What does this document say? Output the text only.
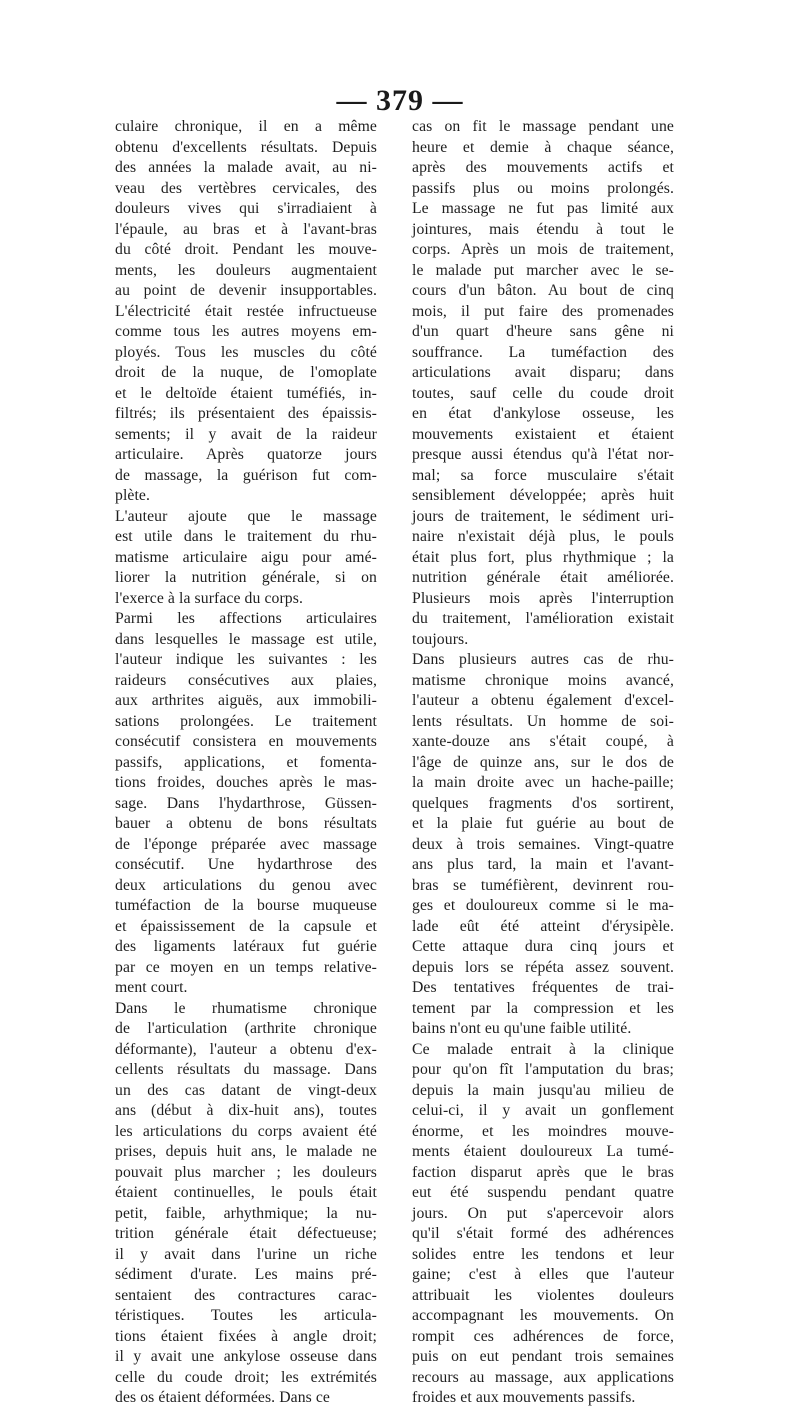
— 379 —
culaire chronique, il en a même
obtenu d'excellents résultats. Depuis
des années la malade avait, au ni-
veau des vertèbres cervicales, des
douleurs vives qui s'irradiaient à
l'épaule, au bras et à l'avant-bras
du côté droit. Pendant les mouve-
ments, les douleurs augmentaient
au point de devenir insupportables.
L'électricité était restée infructueuse
comme tous les autres moyens em-
ployés. Tous les muscles du côté
droit de la nuque, de l'omoplate
et le deltoïde étaient tuméfiés, in-
filtrés; ils présentaient des épaissis-
sements; il y avait de la raideur
articulaire. Après quatorze jours
de massage, la guérison fut com-
plète.
L'auteur ajoute que le massage
est utile dans le traitement du rhu-
matisme articulaire aigu pour amé-
liorer la nutrition générale, si on
l'exerce à la surface du corps.
Parmi les affections articulaires
dans lesquelles le massage est utile,
l'auteur indique les suivantes : les
raideurs consécutives aux plaies,
aux arthrites aiguës, aux immobili-
sations prolongées. Le traitement
consécutif consistera en mouvements
passifs, applications, et fomenta-
tions froides, douches après le mas-
sage. Dans l'hydarthrose, Güssen-
bauer a obtenu de bons résultats
de l'éponge préparée avec massage
consécutif. Une hydarthrose des
deux articulations du genou avec
tuméfaction de la bourse muqueuse
et épaississement de la capsule et
des ligaments latéraux fut guérie
par ce moyen en un temps relative-
ment court.
Dans le rhumatisme chronique
de l'articulation (arthrite chronique
déformante), l'auteur a obtenu d'ex-
cellents résultats du massage. Dans
un des cas datant de vingt-deux
ans (début à dix-huit ans), toutes
les articulations du corps avaient été
prises, depuis huit ans, le malade ne
pouvait plus marcher ; les douleurs
étaient continuelles, le pouls était
petit, faible, arhythmique; la nu-
trition générale était défectueuse;
il y avait dans l'urine un riche
sédiment d'urate. Les mains pré-
sentaient des contractures carac-
téristiques. Toutes les articula-
tions étaient fixées à angle droit;
il y avait une ankylose osseuse dans
celle du coude droit; les extrémités
des os étaient déformées. Dans ce
cas on fit le massage pendant une
heure et demie à chaque séance,
après des mouvements actifs et
passifs plus ou moins prolongés.
Le massage ne fut pas limité aux
jointures, mais étendu à tout le
corps. Après un mois de traitement,
le malade put marcher avec le se-
cours d'un bâton. Au bout de cinq
mois, il put faire des promenades
d'un quart d'heure sans gêne ni
souffrance. La tuméfaction des
articulations avait disparu; dans
toutes, sauf celle du coude droit
en état d'ankylose osseuse, les
mouvements existaient et étaient
presque aussi étendus qu'à l'état nor-
mal; sa force musculaire s'était
sensiblement développée; après huit
jours de traitement, le sédiment uri-
naire n'existait déjà plus, le pouls
était plus fort, plus rhythmique ; la
nutrition générale était améliorée.
Plusieurs mois après l'interruption
du traitement, l'amélioration existait
toujours.
Dans plusieurs autres cas de rhu-
matisme chronique moins avancé,
l'auteur a obtenu également d'excel-
lents résultats. Un homme de soi-
xante-douze ans s'était coupé, à
l'âge de quinze ans, sur le dos de
la main droite avec un hache-paille;
quelques fragments d'os sortirent,
et la plaie fut guérie au bout de
deux à trois semaines. Vingt-quatre
ans plus tard, la main et l'avant-
bras se tuméfièrent, devinrent rou-
ges et douloureux comme si le ma-
lade eût été atteint d'érysipèle.
Cette attaque dura cinq jours et
depuis lors se répéta assez souvent.
Des tentatives fréquentes de trai-
tement par la compression et les
bains n'ont eu qu'une faible utilité.
Ce malade entrait à la clinique
pour qu'on fît l'amputation du bras;
depuis la main jusqu'au milieu de
celui-ci, il y avait un gonflement
énorme, et les moindres mouve-
ments étaient douloureux La tumé-
faction disparut après que le bras
eut été suspendu pendant quatre
jours. On put s'apercevoir alors
qu'il s'était formé des adhérences
solides entre les tendons et leur
gaine; c'est à elles que l'auteur
attribuait les violentes douleurs
accompagnant les mouvements. On
rompit ces adhérences de force,
puis on eut pendant trois semaines
recours au massage, aux applications
froides et aux mouvements passifs.
